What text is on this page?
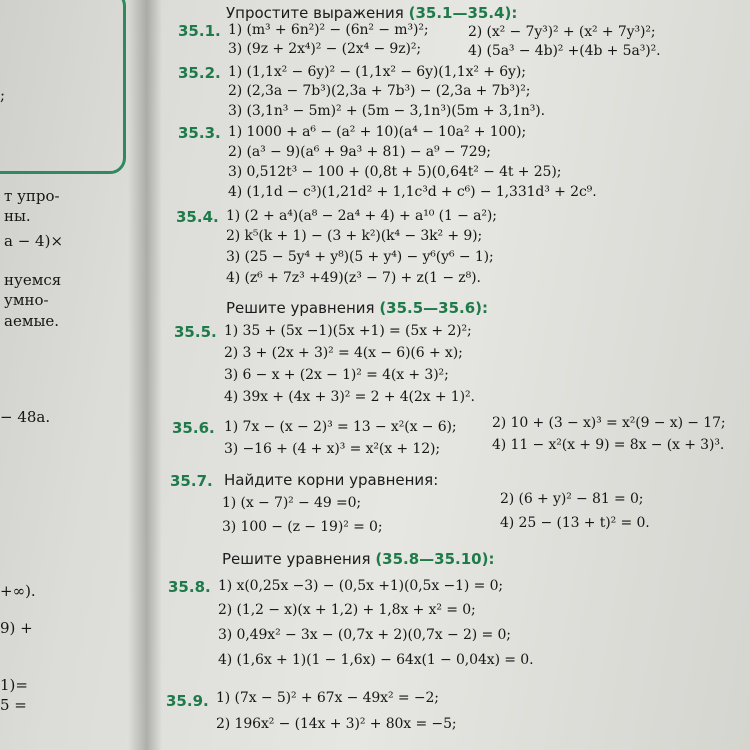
;
т упро-
ны.
a − 4)×
нуемся
умно-
аемые.
− 48a.
+∞).
9) +
1)=
5 =
Упростите выражения (35.1—35.4):
35.1. 1) (m³ + 6n²)² − (6n² − m³)²;	2) (x² − 7y³)² + (x² + 7y³)²;
3) (9z + 2x⁴)² − (2x⁴ − 9z)²;	4) (5a³ − 4b)² +(4b + 5a³)².
35.2. 1) (1,1x² − 6y)² − (1,1x² − 6y)(1,1x² + 6y);
2) (2,3a − 7b³)(2,3a + 7b³) − (2,3a + 7b³)²;
3) (3,1n³ − 5m)² + (5m − 3,1n³)(5m + 3,1n³).
35.3. 1) 1000 + a⁶ − (a² + 10)(a⁴ − 10a² + 100);
2) (a³ − 9)(a⁶ + 9a³ + 81) − a⁹ − 729;
3) 0,512t³ − 100 + (0,8t + 5)(0,64t² − 4t + 25);
4) (1,1d − c³)(1,21d² + 1,1c³d + c⁶) − 1,331d³ + 2c⁹.
35.4. 1) (2 + a⁴)(a⁸ − 2a⁴ + 4) + a¹⁰ (1 − a²);
2) k⁵(k + 1) − (3 + k²)(k⁴ − 3k² + 9);
3) (25 − 5y⁴ + y⁸)(5 + y⁴) − y⁶(y⁶ − 1);
4) (z⁶ + 7z³ +49)(z³ − 7) + z(1 − z⁸).
Решите уравнения (35.5—35.6):
35.5. 1) 35 + (5x −1)(5x +1) = (5x + 2)²;
2) 3 + (2x + 3)² = 4(x − 6)(6 + x);
3) 6 − x + (2x − 1)² = 4(x + 3)²;
4) 39x + (4x + 3)² = 2 + 4(2x + 1)².
35.6. 1) 7x − (x − 2)³ = 13 − x²(x − 6);	2) 10 + (3 − x)³ = x²(9 − x) − 17;
3) −16 + (4 + x)³ = x²(x + 12);	4) 11 − x²(x + 9) = 8x − (x + 3)³.
35.7. Найдите корни уравнения:
1) (x − 7)² − 49 =0;	2) (6 + y)² − 81 = 0;
3) 100 − (z − 19)² = 0;	4) 25 − (13 + t)² = 0.
Решите уравнения (35.8—35.10):
35.8. 1) x(0,25x −3) − (0,5x +1)(0,5x −1) = 0;
2) (1,2 − x)(x + 1,2) + 1,8x + x² = 0;
3) 0,49x² − 3x − (0,7x + 2)(0,7x − 2) = 0;
4) (1,6x + 1)(1 − 1,6x) − 64x(1 − 0,04x) = 0.
35.9. 1) (7x − 5)² + 67x − 49x² = −2;
2) 196x² − (14x + 3)² + 80x = −5;
